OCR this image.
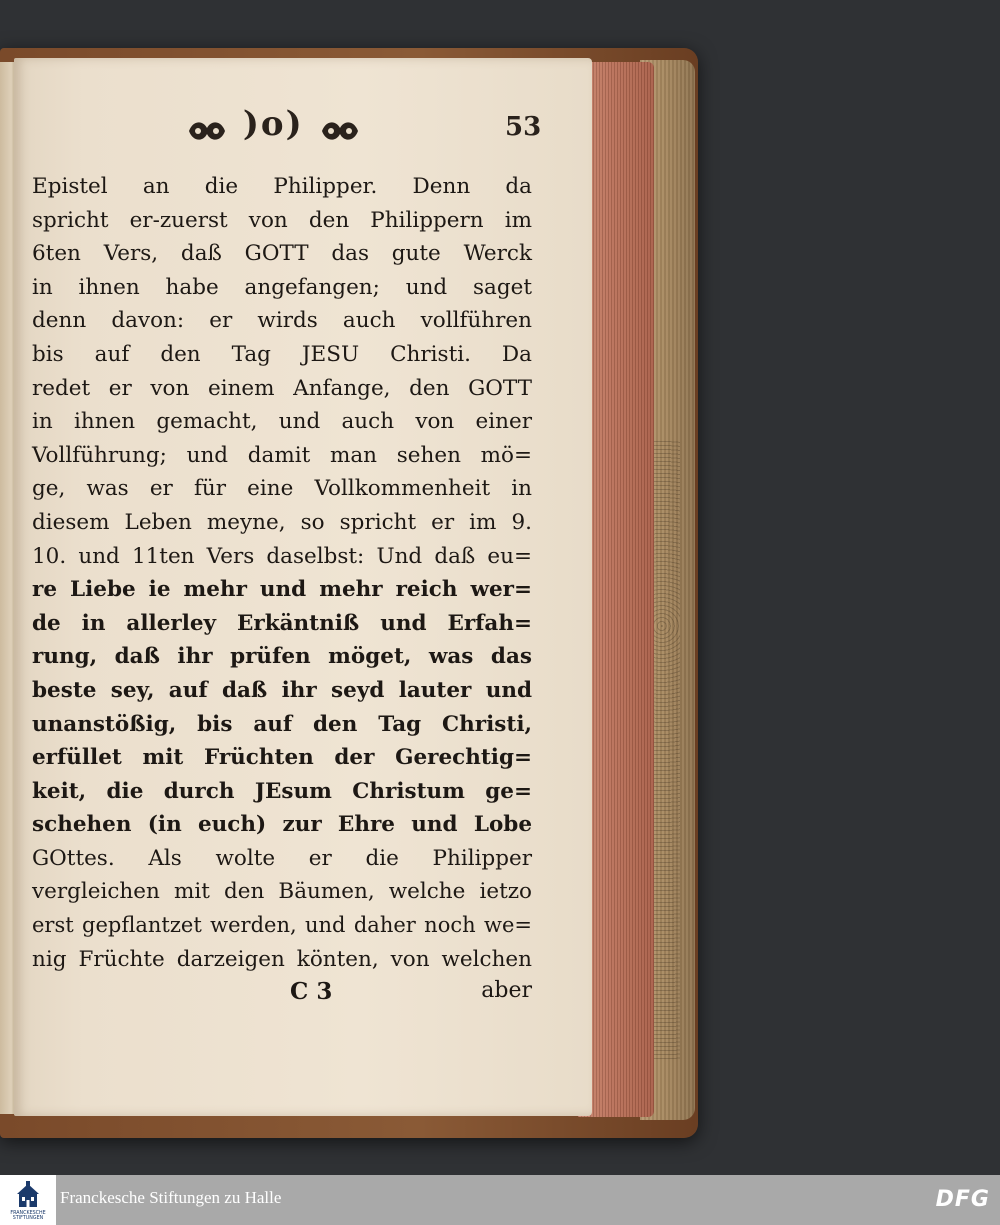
)o)	53
Epistel an die Philipper. Denn da
spricht er-zuerst von den Philippern im
6ten Vers, daß GOTT das gute Werck
in ihnen habe angefangen; und saget
denn davon: er wirds auch vollführen
bis auf den Tag JESU Christi. Da
redet er von einem Anfange, den GOTT
in ihnen gemacht, und auch von einer
Vollführung; und damit man sehen mö=
ge, was er für eine Vollkommenheit in
diesem Leben meyne, so spricht er im 9.
10. und 11ten Vers daselbst: Und daß eu=
re Liebe ie mehr und mehr reich wer=
de in allerley Erkäntniß und Erfah=
rung, daß ihr prüfen möget, was das
beste sey, auf daß ihr seyd lauter und
unanstößig, bis auf den Tag Christi,
erfüllet mit Früchten der Gerechtig=
keit, die durch JEsum Christum ge=
schehen (in euch) zur Ehre und Lobe
GOttes. Als wolte er die Philipper
vergleichen mit den Bäumen, welche ietzo
erst gepflantzet werden, und daher noch we=
nig Früchte darzeigen könten, von welchen
C 3	aber
FRANCKESCHE STIFTUNGEN
Franckesche Stiftungen zu Halle	DFG
